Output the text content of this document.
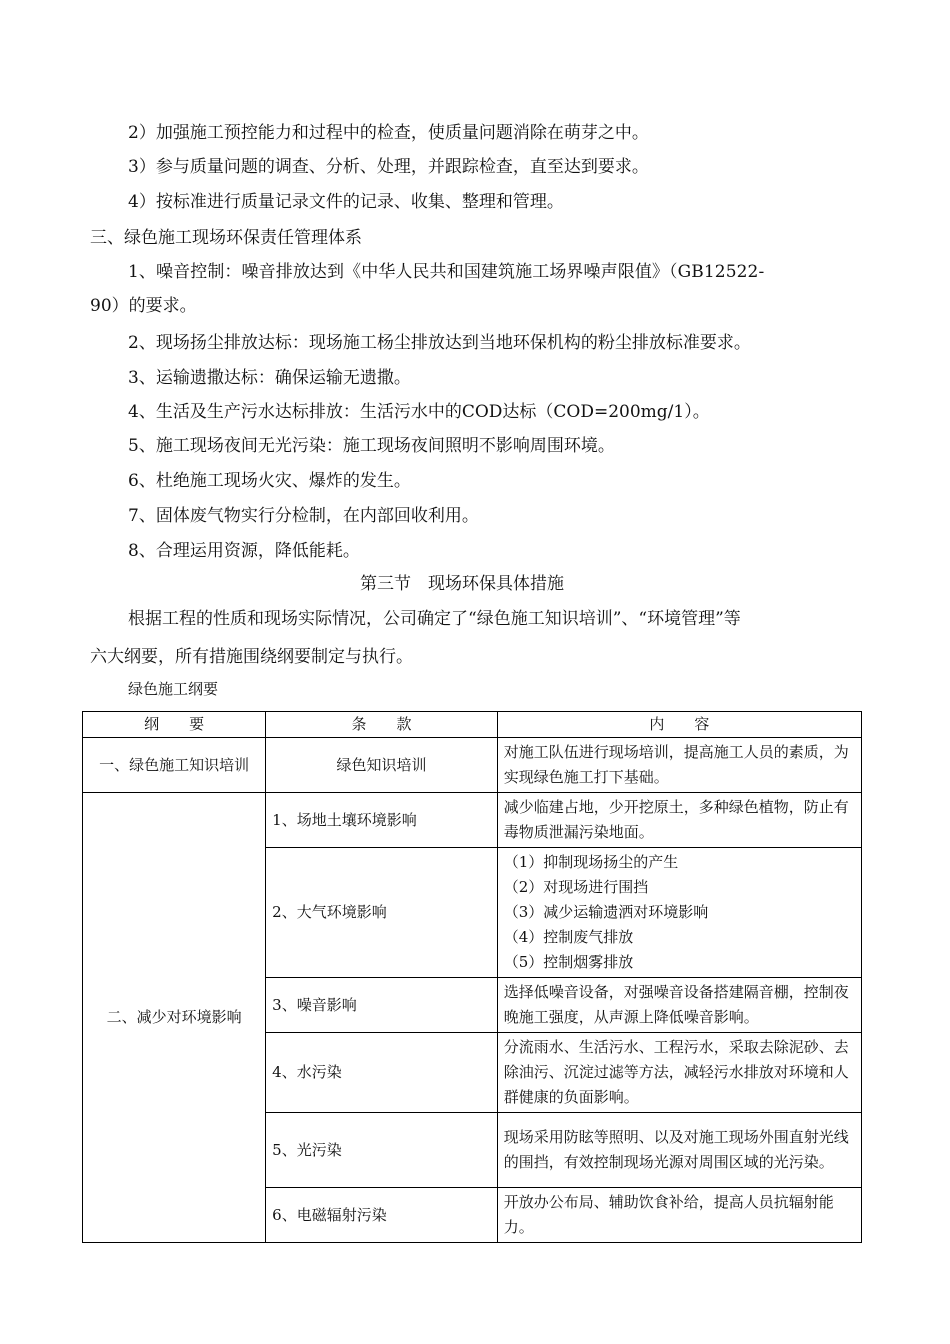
2）加强施工预控能力和过程中的检查，使质量问题消除在萌芽之中。
3）参与质量问题的调查、分析、处理，并跟踪检查，直至达到要求。
4）按标准进行质量记录文件的记录、收集、整理和管理。
三、绿色施工现场环保责任管理体系
1、噪音控制：噪音排放达到《中华人民共和国建筑施工场界噪声限值》（GB12522-
90）的要求。
2、现场扬尘排放达标：现场施工杨尘排放达到当地环保机构的粉尘排放标准要求。
3、运输遗撒达标：确保运输无遗撒。
4、生活及生产污水达标排放：生活污水中的COD达标（COD=200mg/1）。
5、施工现场夜间无光污染：施工现场夜间照明不影响周围环境。
6、杜绝施工现场火灾、爆炸的发生。
7、固体废气物实行分检制，在内部回收利用。
8、合理运用资源，降低能耗。
第三节　现场环保具体措施
根据工程的性质和现场实际情况，公司确定了“绿色施工知识培训”、“环境管理”等
六大纲要，所有措施围绕纲要制定与执行。
绿色施工纲要
纲　　要	条　　款	内　　容
一、绿色施工知识培训	绿色知识培训	对施工队伍进行现场培训，提高施工人员的素质，为实现绿色施工打下基础。
二、减少对环境影响	1、场地土壤环境影响	减少临建占地，少开挖原土，多种绿色植物，防止有毒物质泄漏污染地面。
	2、大气环境影响	（1）抑制现场扬尘的产生
（2）对现场进行围挡
（3）减少运输遗洒对环境影响
（4）控制废气排放
（5）控制烟雾排放

	3、噪音影响	选择低噪音设备，对强噪音设备搭建隔音棚，控制夜晚施工强度，从声源上降低噪音影响。
	4、水污染	分流雨水、生活污水、工程污水，采取去除泥砂、去除油污、沉淀过滤等方法，减轻污水排放对环境和人群健康的负面影响。
	5、光污染	现场采用防眩等照明、以及对施工现场外围直射光线的围挡，有效控制现场光源对周围区域的光污染。
	6、电磁辐射污染	开放办公布局、辅助饮食补给，提高人员抗辐射能力。
